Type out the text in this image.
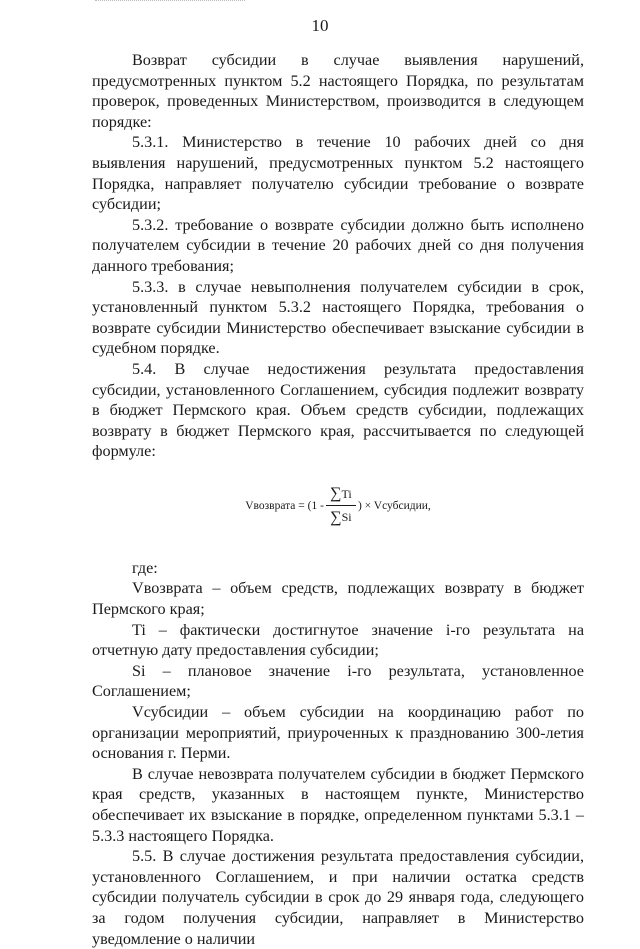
10

Возврат субсидии в случае выявления нарушений, предусмотренных пунктом 5.2 настоящего Порядка, по результатам проверок, проведенных Министерством, производится в следующем порядке:

5.3.1. Министерство в течение 10 рабочих дней со дня выявления нарушений, предусмотренных пунктом 5.2 настоящего Порядка, направляет получателю субсидии требование о возврате субсидии;

5.3.2. требование о возврате субсидии должно быть исполнено получателем субсидии в течение 20 рабочих дней со дня получения данного требования;

5.3.3. в случае невыполнения получателем субсидии в срок, установленный пунктом 5.3.2 настоящего Порядка, требования о возврате субсидии Министерство обеспечивает взыскание субсидии в судебном порядке.

5.4. В случае недостижения результата предоставления субсидии, установленного Соглашением, субсидия подлежит возврату в бюджет Пермского края. Объем средств субсидии, подлежащих возврату в бюджет Пермского края, рассчитывается по следующей формуле:

Vвозврата = ($1 - \frac{\sum Ti}{\sum Si}$ ) × Vсубсидии,

где:

Vвозврата – объем средств, подлежащих возврату в бюджет Пермского края;

Ti – фактически достигнутое значение i-го результата на отчетную дату предоставления субсидии;

Si – плановое значение i-го результата, установленное Соглашением;

Vсубсидии – объем субсидии на координацию работ по организации мероприятий, приуроченных к празднованию 300-летия основания г. Перми.

В случае невозврата получателем субсидии в бюджет Пермского края средств, указанных в настоящем пункте, Министерство обеспечивает их взыскание в порядке, определенном пунктами 5.3.1 – 5.3.3 настоящего Порядка.

5.5. В случае достижения результата предоставления субсидии, установленного Соглашением, и при наличии остатка средств субсидии получатель субсидии в срок до 29 января года, следующего за годом получения субсидии, направляет в Министерство уведомление о наличии
